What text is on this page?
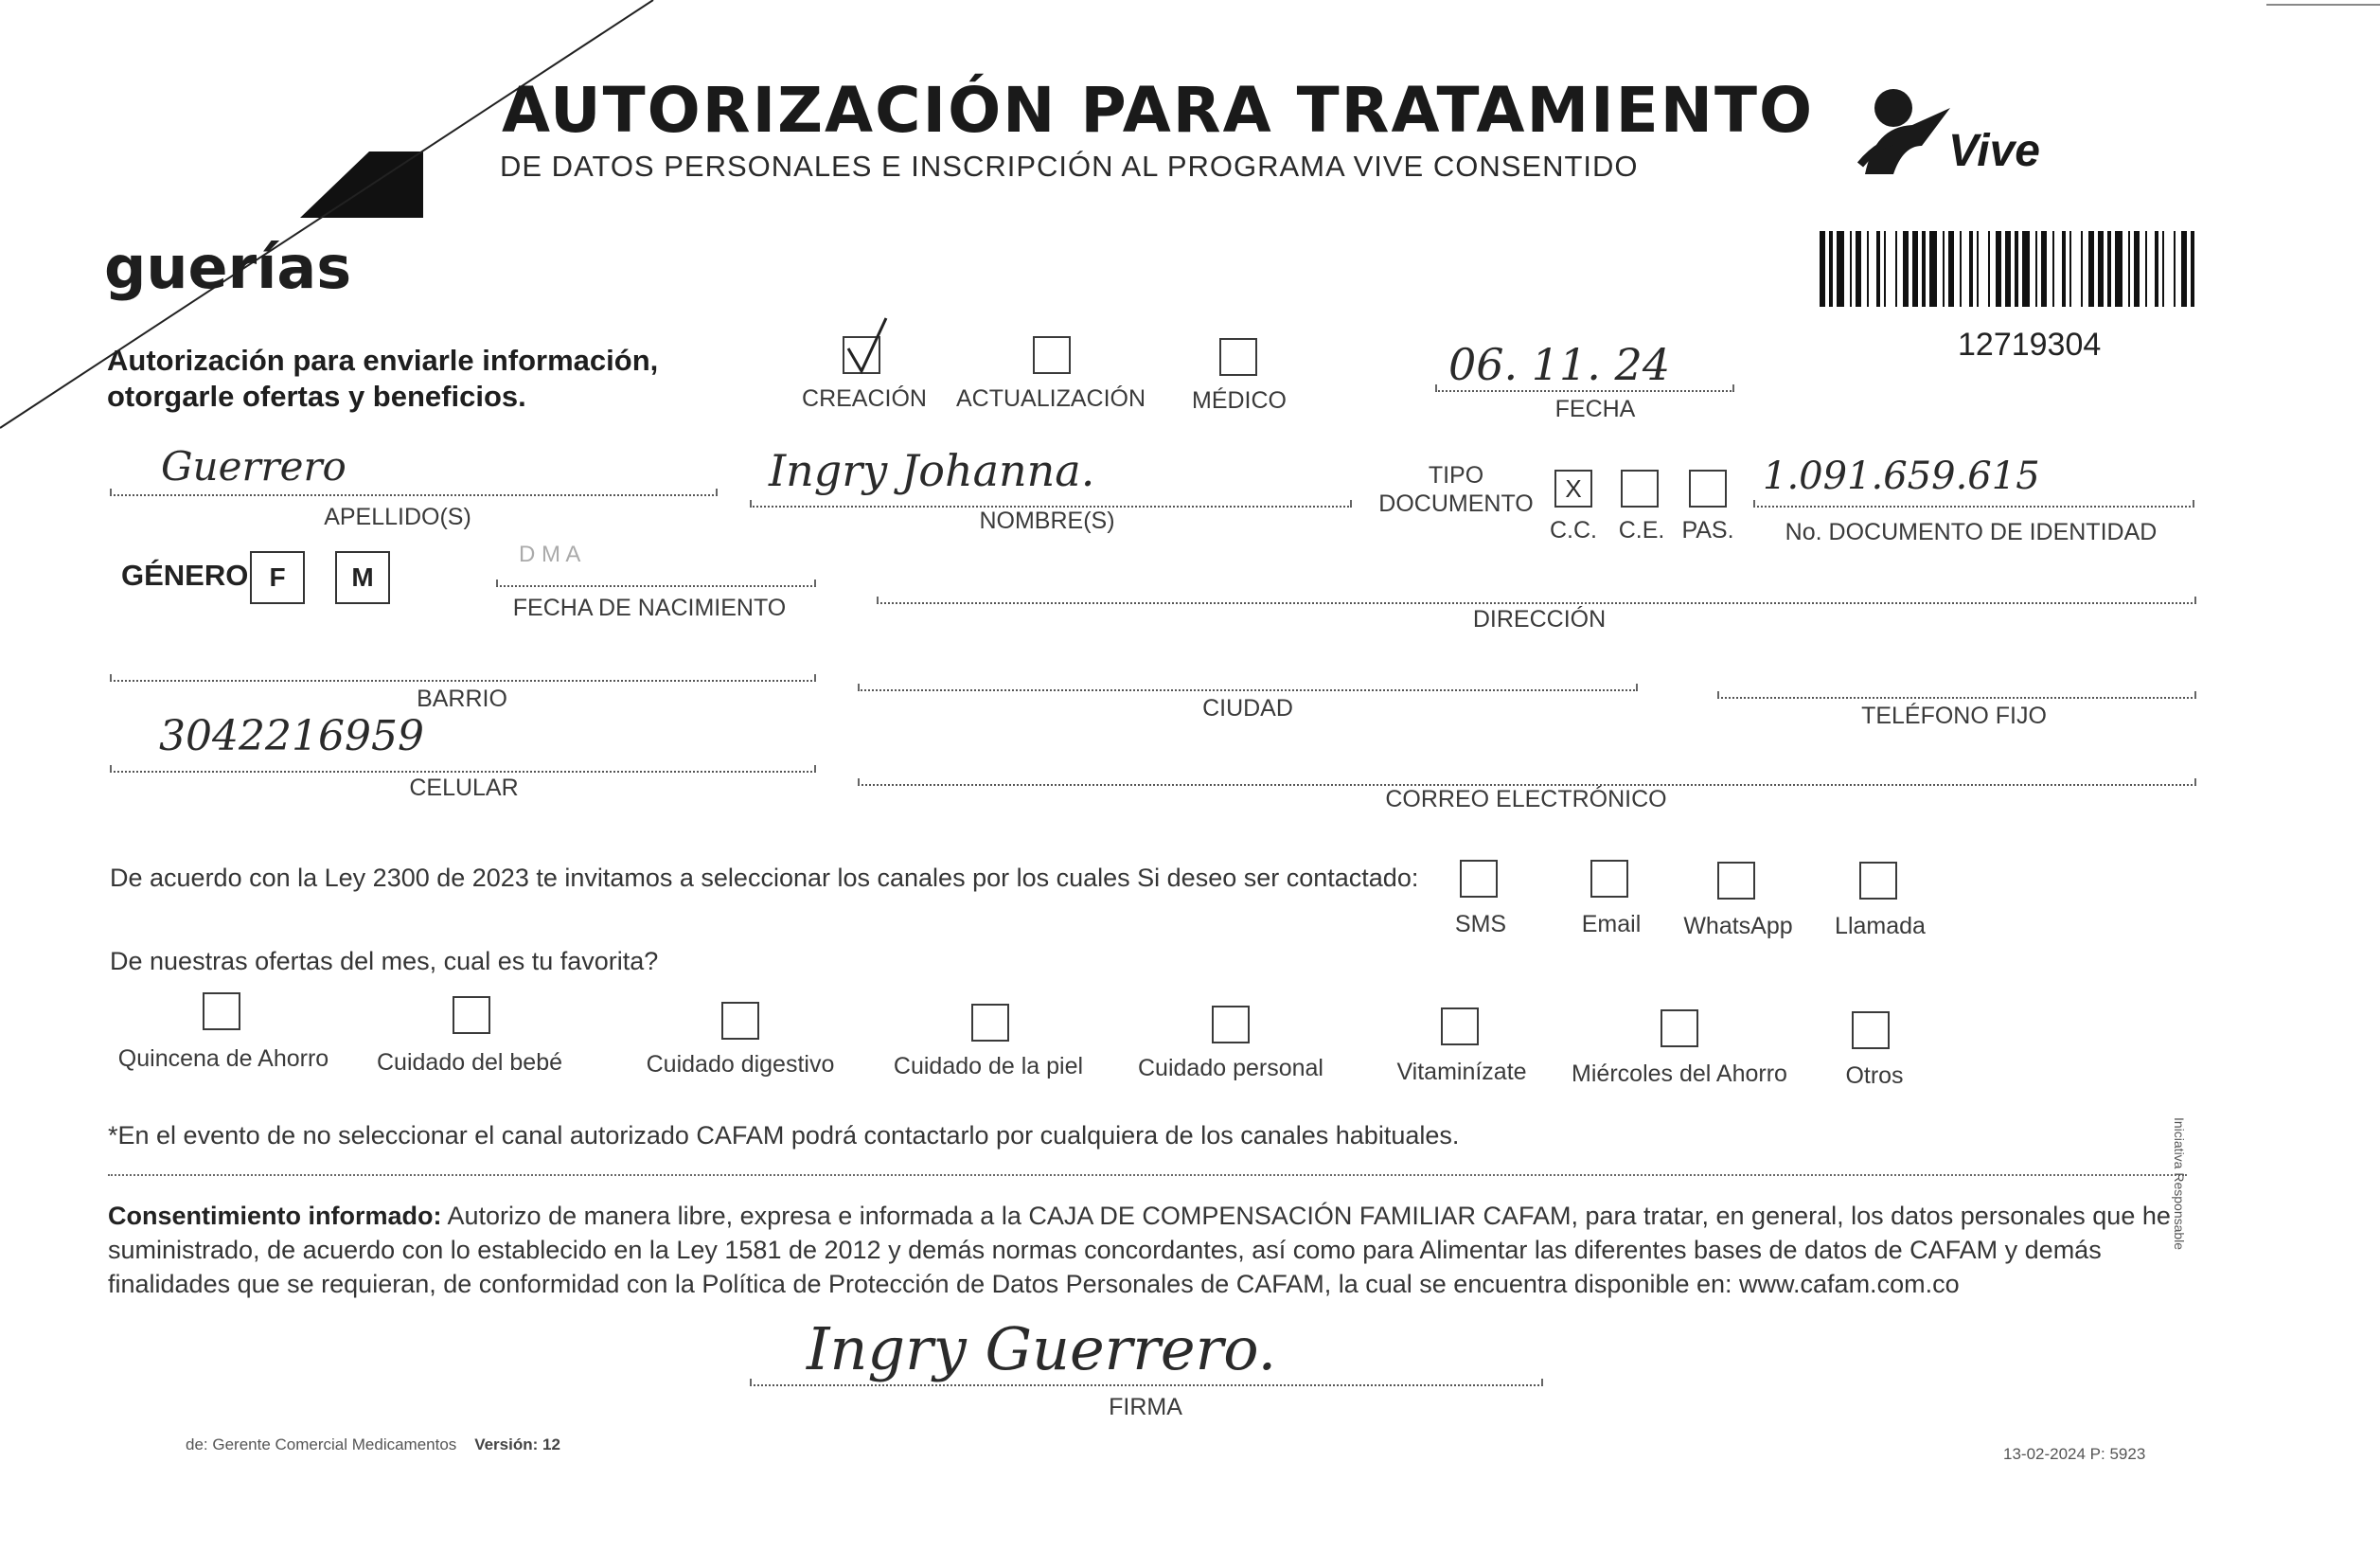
AUTORIZACIÓN PARA TRATAMIENTO
DE DATOS PERSONALES E INSCRIPCIÓN AL PROGRAMA VIVE CONSENTIDO
guerías
Vive
12719304
Autorización para enviarle información,
otorgarle ofertas y beneficios.	CREACIÓN ACTUALIZACIÓN MÉDICO
06. 11. 24
FECHA
Guerrero
APELLIDO(S)
Ingry Johanna.
NOMBRE(S)
TIPO
DOCUMENTO
X
C.C. C.E. PAS.
1.091.659.615
No. DOCUMENTO DE IDENTIDAD
GÉNERO F	M
D M A
FECHA DE NACIMIENTO	DIRECCIÓN
BARRIO	CIUDAD	TELÉFONO FIJO
3042216959
CELULAR	CORREO ELECTRÓNICO
De acuerdo con la Ley 2300 de 2023 te invitamos a seleccionar los canales por los cuales Si deseo ser contactado:
SMS	Email WhatsApp Llamada
De nuestras ofertas del mes, cual es tu favorita?
Quincena de Ahorro Cuidado del bebé	Cuidado digestivo	Cuidado de la piel Cuidado personal	Vitaminízate Miércoles del Ahorro Otros
*En el evento de no seleccionar el canal autorizado CAFAM podrá contactarlo por cualquiera de los canales habituales.
Consentimiento informado: Autorizo de manera libre, expresa e informada a la CAJA DE COMPENSACIÓN FAMILIAR CAFAM, para tratar, en general, los datos personales que he
suministrado, de acuerdo con lo establecido en la Ley 1581 de 2012 y demás normas concordantes, así como para Alimentar las diferentes bases de datos de CAFAM y demás
finalidades que se requieran, de conformidad con la Política de Protección de Datos Personales de CAFAM, la cual se encuentra disponible en: www.cafam.com.co
Ingry Guerrero.
FIRMA
de: Gerente Comercial Medicamentos Versión: 12
13-02-2024 P: 5923
Iniciativa Responsable
